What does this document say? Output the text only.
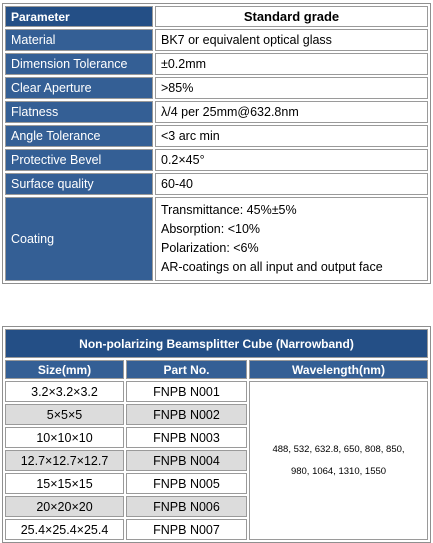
Parameter	Standard grade
Material	BK7 or equivalent optical glass
Dimension Tolerance	±0.2mm
Clear Aperture	>85%
Flatness	λ/4 per 25mm@632.8nm
Angle Tolerance	<3 arc min
Protective Bevel	0.2×45°
Surface quality	60-40
Coating	Transmittance: 45%±5%
Absorption: <10%
Polarization: <6%
AR-coatings on all input and output face
Non-polarizing Beamsplitter Cube (Narrowband)		
Size(mm)	Part No.	Wavelength(nm)
3.2×3.2×3.2	FNPB N001	488, 532, 632.8, 650, 808, 850,
980, 1064, 1310, 1550

5×5×5	FNPB N002	
10×10×10	FNPB N003	
12.7×12.7×12.7	FNPB N004	
15×15×15	FNPB N005	
20×20×20	FNPB N006	
25.4×25.4×25.4	FNPB N007	
